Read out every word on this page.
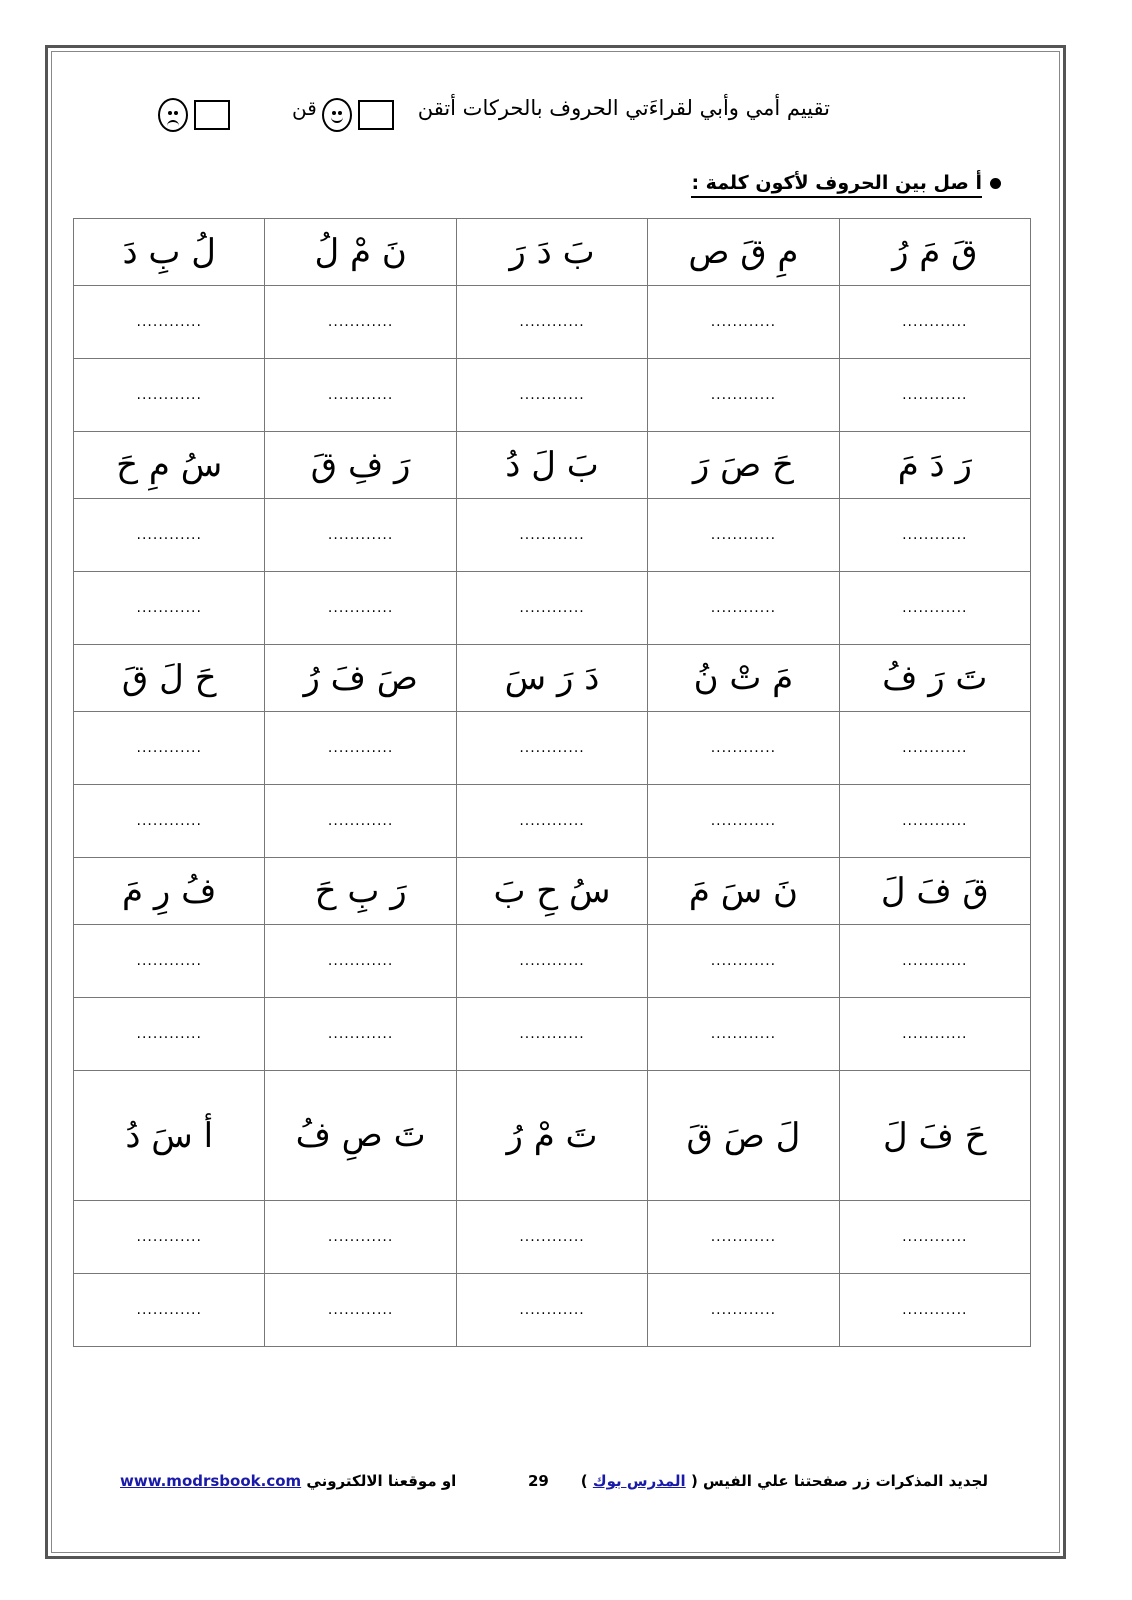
تقييم أمي وأبي لقراءَتي الحروف بالحركات أتقن
قن
أ صل بين الحروف لأكون كلمة :
قَ مَ رُ	مِ قَ ص	بَ دَ رَ	نَ مْ لُ	لُ بِ دَ
............	............	............	............	............
............	............	............	............	............
رَ دَ مَ	حَ صَ رَ	بَ لَ دُ	رَ فِ قَ	سُ مِ حَ
............	............	............	............	............
............	............	............	............	............
تَ رَ فُ	مَ تْ نُ	دَ رَ سَ	صَ فَ رُ	حَ لَ قَ
............	............	............	............	............
............	............	............	............	............
قَ فَ لَ	نَ سَ مَ	سُ حِ بَ	رَ بِ حَ	فُ رِ مَ
............	............	............	............	............
............	............	............	............	............
حَ فَ لَ	لَ صَ قَ	تَ مْ رُ	تَ صِ فُ	أ سَ دُ
............	............	............	............	............
............	............	............	............	............
لجديد المذكرات زر صفحتنا علي الفيس ( المدرس بوك )
29
www.modrsbook.com او موقعنا الالكتروني
